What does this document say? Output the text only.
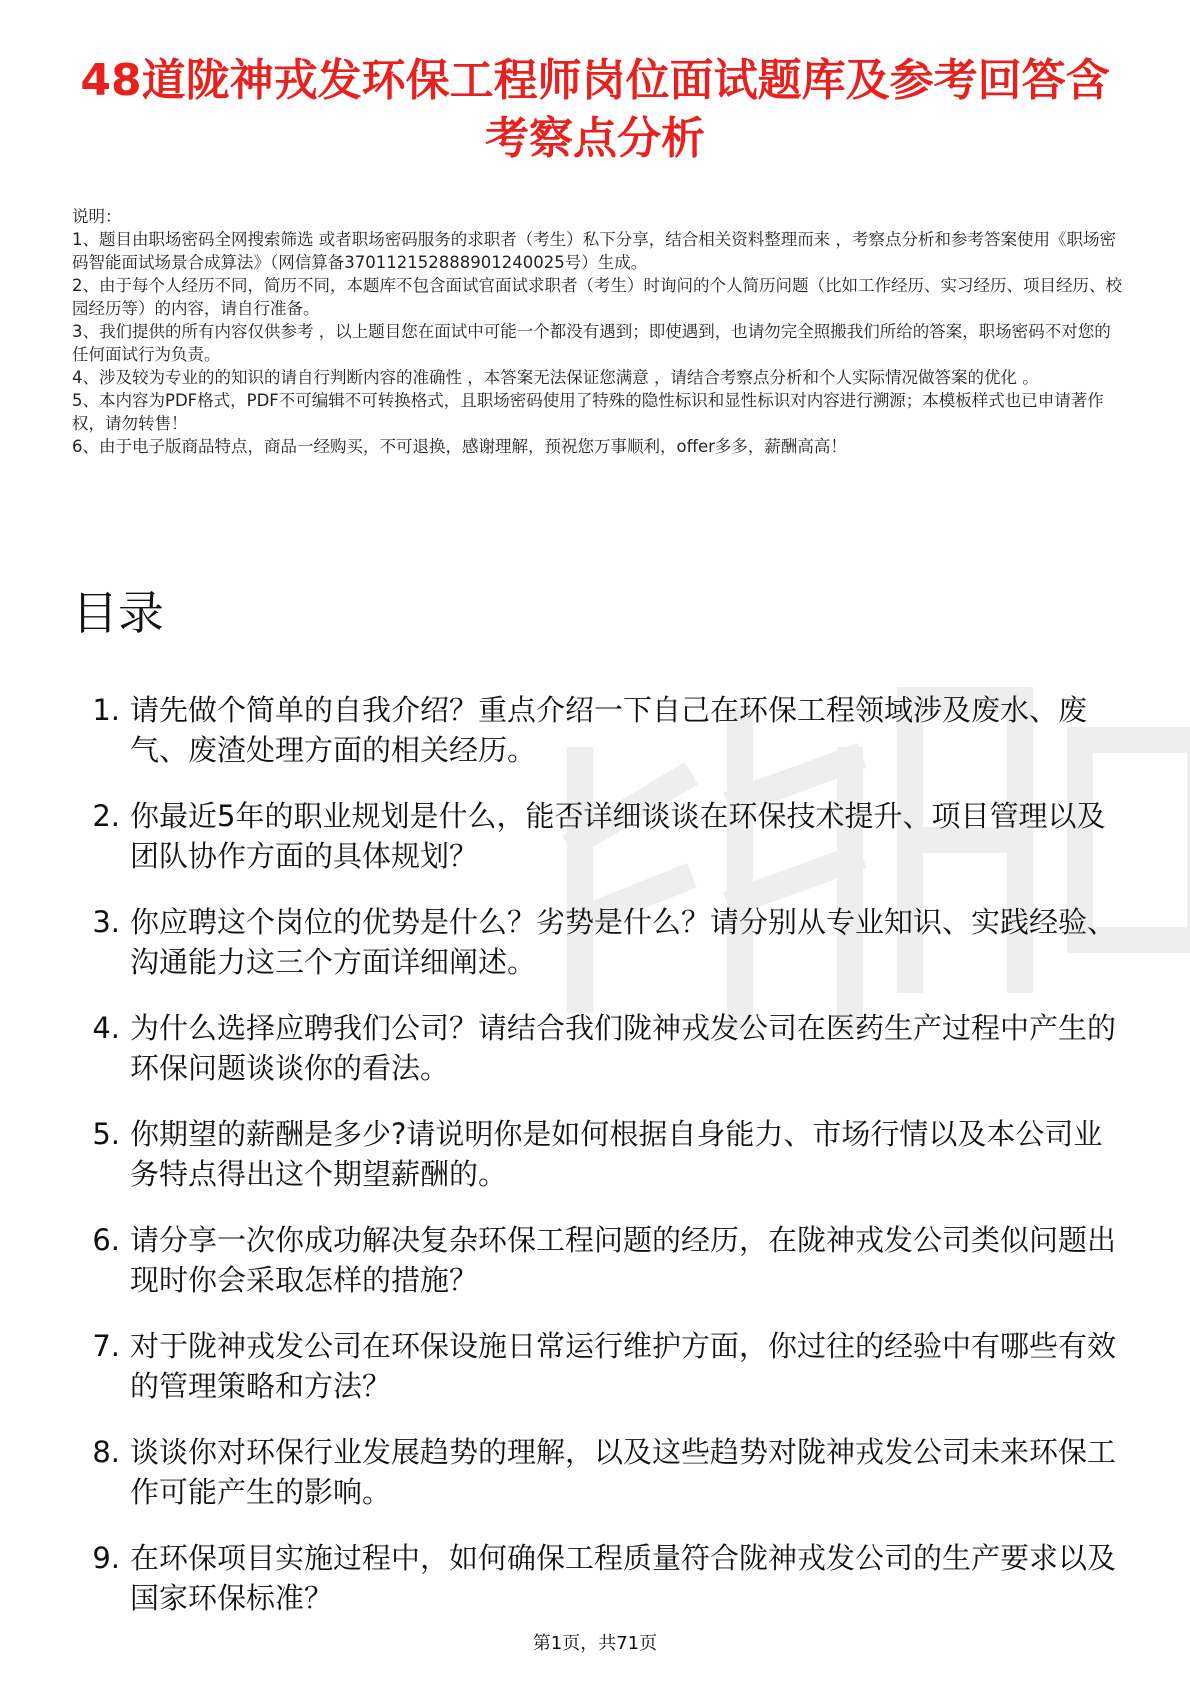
48道陇神戎发环保工程师岗位面试题库及参考回答含考察点分析

说明：

1、题目由职场密码全网搜索筛选 或者职场密码服务的求职者（考生）私下分享，结合相关资料整理而来 ，考察点分析和参考答案使用《职场密码智能面试场景合成算法》（网信算备370112152888901240025号）生成。

2、由于每个人经历不同，简历不同，本题库不包含面试官面试求职者（考生）时询问的个人简历问题（比如工作经历、实习经历、项目经历、校园经历等）的内容，请自行准备。

3、我们提供的所有内容仅供参考 ，以上题目您在面试中可能一个都没有遇到；即使遇到，也请勿完全照搬我们所给的答案，职场密码不对您的任何面试行为负责。

4、涉及较为专业的的知识的请自行判断内容的准确性 ，本答案无法保证您满意 ，请结合考察点分析和个人实际情况做答案的优化 。

5、本内容为PDF格式，PDF不可编辑不可转换格式，且职场密码使用了特殊的隐性标识和显性标识对内容进行溯源；本模板样式也已申请著作权，请勿转售！

6、由于电子版商品特点，商品一经购买，不可退换，感谢理解，预祝您万事顺利，offer多多，薪酬高高！

目录
1. 请先做个简单的自我介绍？重点介绍一下自己在环保工程领域涉及废水、废气、废渣处理方面的相关经历。
2. 你最近5年的职业规划是什么，能否详细谈谈在环保技术提升、项目管理以及团队协作方面的具体规划？
3. 你应聘这个岗位的优势是什么？劣势是什么？请分别从专业知识、实践经验、沟通能力这三个方面详细阐述。
4. 为什么选择应聘我们公司？请结合我们陇神戎发公司在医药生产过程中产生的环保问题谈谈你的看法。
5. 你期望的薪酬是多少?请说明你是如何根据自身能力、市场行情以及本公司业务特点得出这个期望薪酬的。
6. 请分享一次你成功解决复杂环保工程问题的经历，在陇神戎发公司类似问题出现时你会采取怎样的措施？
7. 对于陇神戎发公司在环保设施日常运行维护方面，你过往的经验中有哪些有效的管理策略和方法？
8. 谈谈你对环保行业发展趋势的理解，以及这些趋势对陇神戎发公司未来环保工作可能产生的影响。
9. 在环保项目实施过程中，如何确保工程质量符合陇神戎发公司的生产要求以及国家环保标准？
第1页，共71页
